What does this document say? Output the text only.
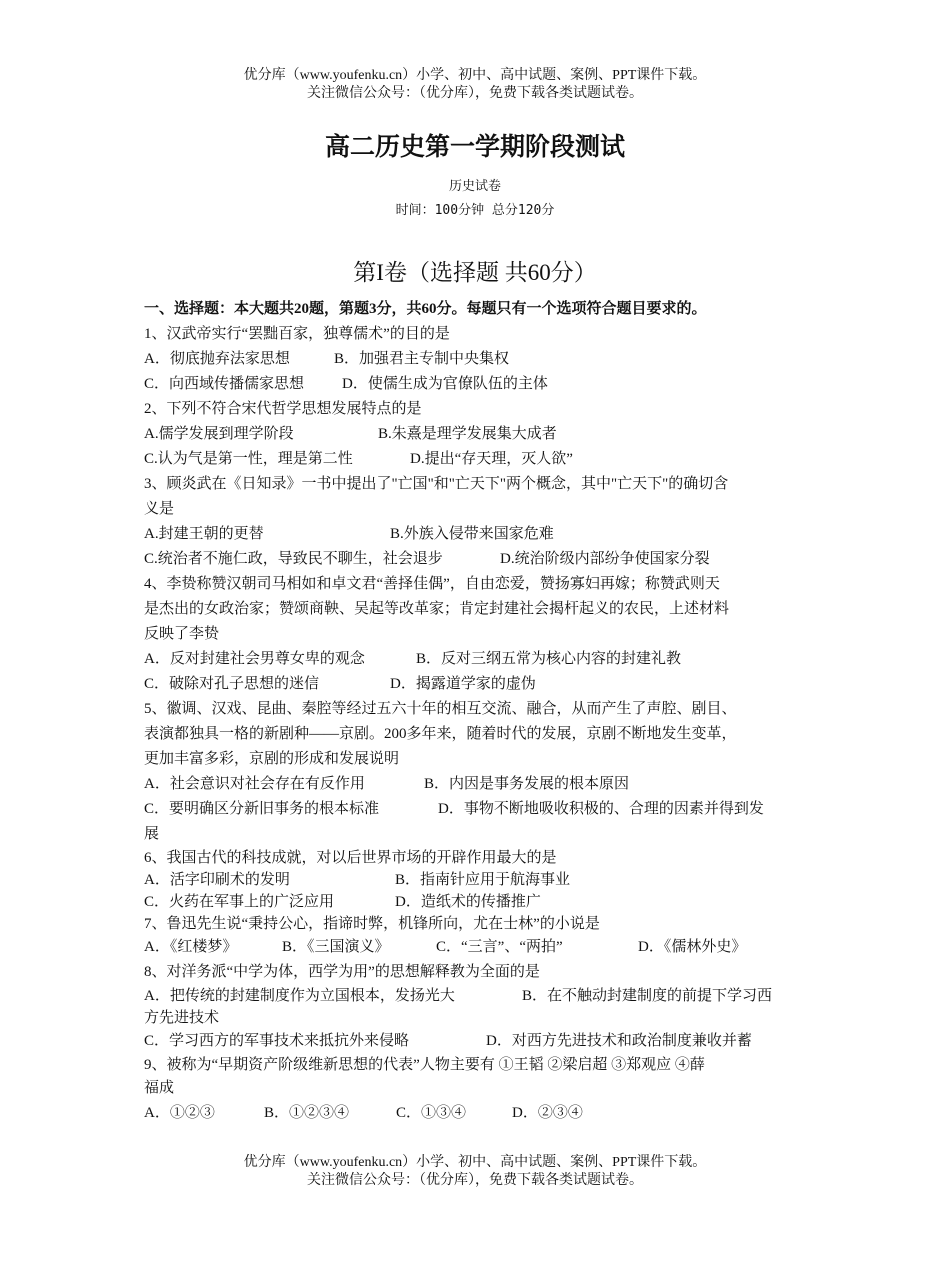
优分库（www.youfenku.cn）小学、初中、高中试题、案例、PPT课件下载。
关注微信公众号：（优分库），免费下载各类试题试卷。
高二历史第一学期阶段测试
历史试卷
时间：100分钟 总分120分
第I卷（选择题 共60分）
一、选择题：本大题共20题，第题3分，共60分。每题只有一个选项符合题目要求的。
1、汉武帝实行“罢黜百家，独尊儒术”的目的是
A．彻底抛弃法家思想	B．加强君主专制中央集权
C．向西域传播儒家思想	D．使儒生成为官僚队伍的主体
2、下列不符合宋代哲学思想发展特点的是
A.儒学发展到理学阶段	B.朱熹是理学发展集大成者
C.认为气是第一性，理是第二性	D.提出“存天理，灭人欲”
3、顾炎武在《日知录》一书中提出了"亡国"和"亡天下"两个概念，其中"亡天下"的确切含
义是
A.封建王朝的更替	B.外族入侵带来国家危难
C.统治者不施仁政，导致民不聊生，社会退步	D.统治阶级内部纷争使国家分裂
4、李贽称赞汉朝司马相如和卓文君“善择佳偶”，自由恋爱，赞扬寡妇再嫁；称赞武则天
是杰出的女政治家；赞颂商鞅、吴起等改革家；肯定封建社会揭杆起义的农民，上述材料
反映了李贽
A．反对封建社会男尊女卑的观念	B．反对三纲五常为核心内容的封建礼教
C．破除对孔子思想的迷信	D．揭露道学家的虚伪
5、徽调、汉戏、昆曲、秦腔等经过五六十年的相互交流、融合，从而产生了声腔、剧目、
表演都独具一格的新剧种——京剧。200多年来，随着时代的发展，京剧不断地发生变革，
更加丰富多彩，京剧的形成和发展说明
A．社会意识对社会存在有反作用	B．内因是事务发展的根本原因
C．要明确区分新旧事务的根本标准	D．事物不断地吸收积极的、合理的因素并得到发
展
6、我国古代的科技成就，对以后世界市场的开辟作用最大的是
A．活字印刷术的发明	B．指南针应用于航海事业
C．火药在军事上的广泛应用	D．造纸术的传播推广
7、鲁迅先生说“秉持公心，指谛时弊，机锋所向，尤在士林”的小说是
A．《红楼梦》	B．《三国演义》	C．“三言”、“两拍”	D．《儒林外史》
8、对洋务派“中学为体，西学为用”的思想解释教为全面的是
A．把传统的封建制度作为立国根本，发扬光大	B．在不触动封建制度的前提下学习西
方先进技术
C．学习西方的军事技术来抵抗外来侵略	D．对西方先进技术和政治制度兼收并蓄
9、被称为“早期资产阶级维新思想的代表”人物主要有 ①王韬 ②梁启超 ③郑观应 ④薛
福成
A．①②③	B．①②③④	C．①③④	D．②③④
优分库（www.youfenku.cn）小学、初中、高中试题、案例、PPT课件下载。
关注微信公众号：（优分库），免费下载各类试题试卷。
